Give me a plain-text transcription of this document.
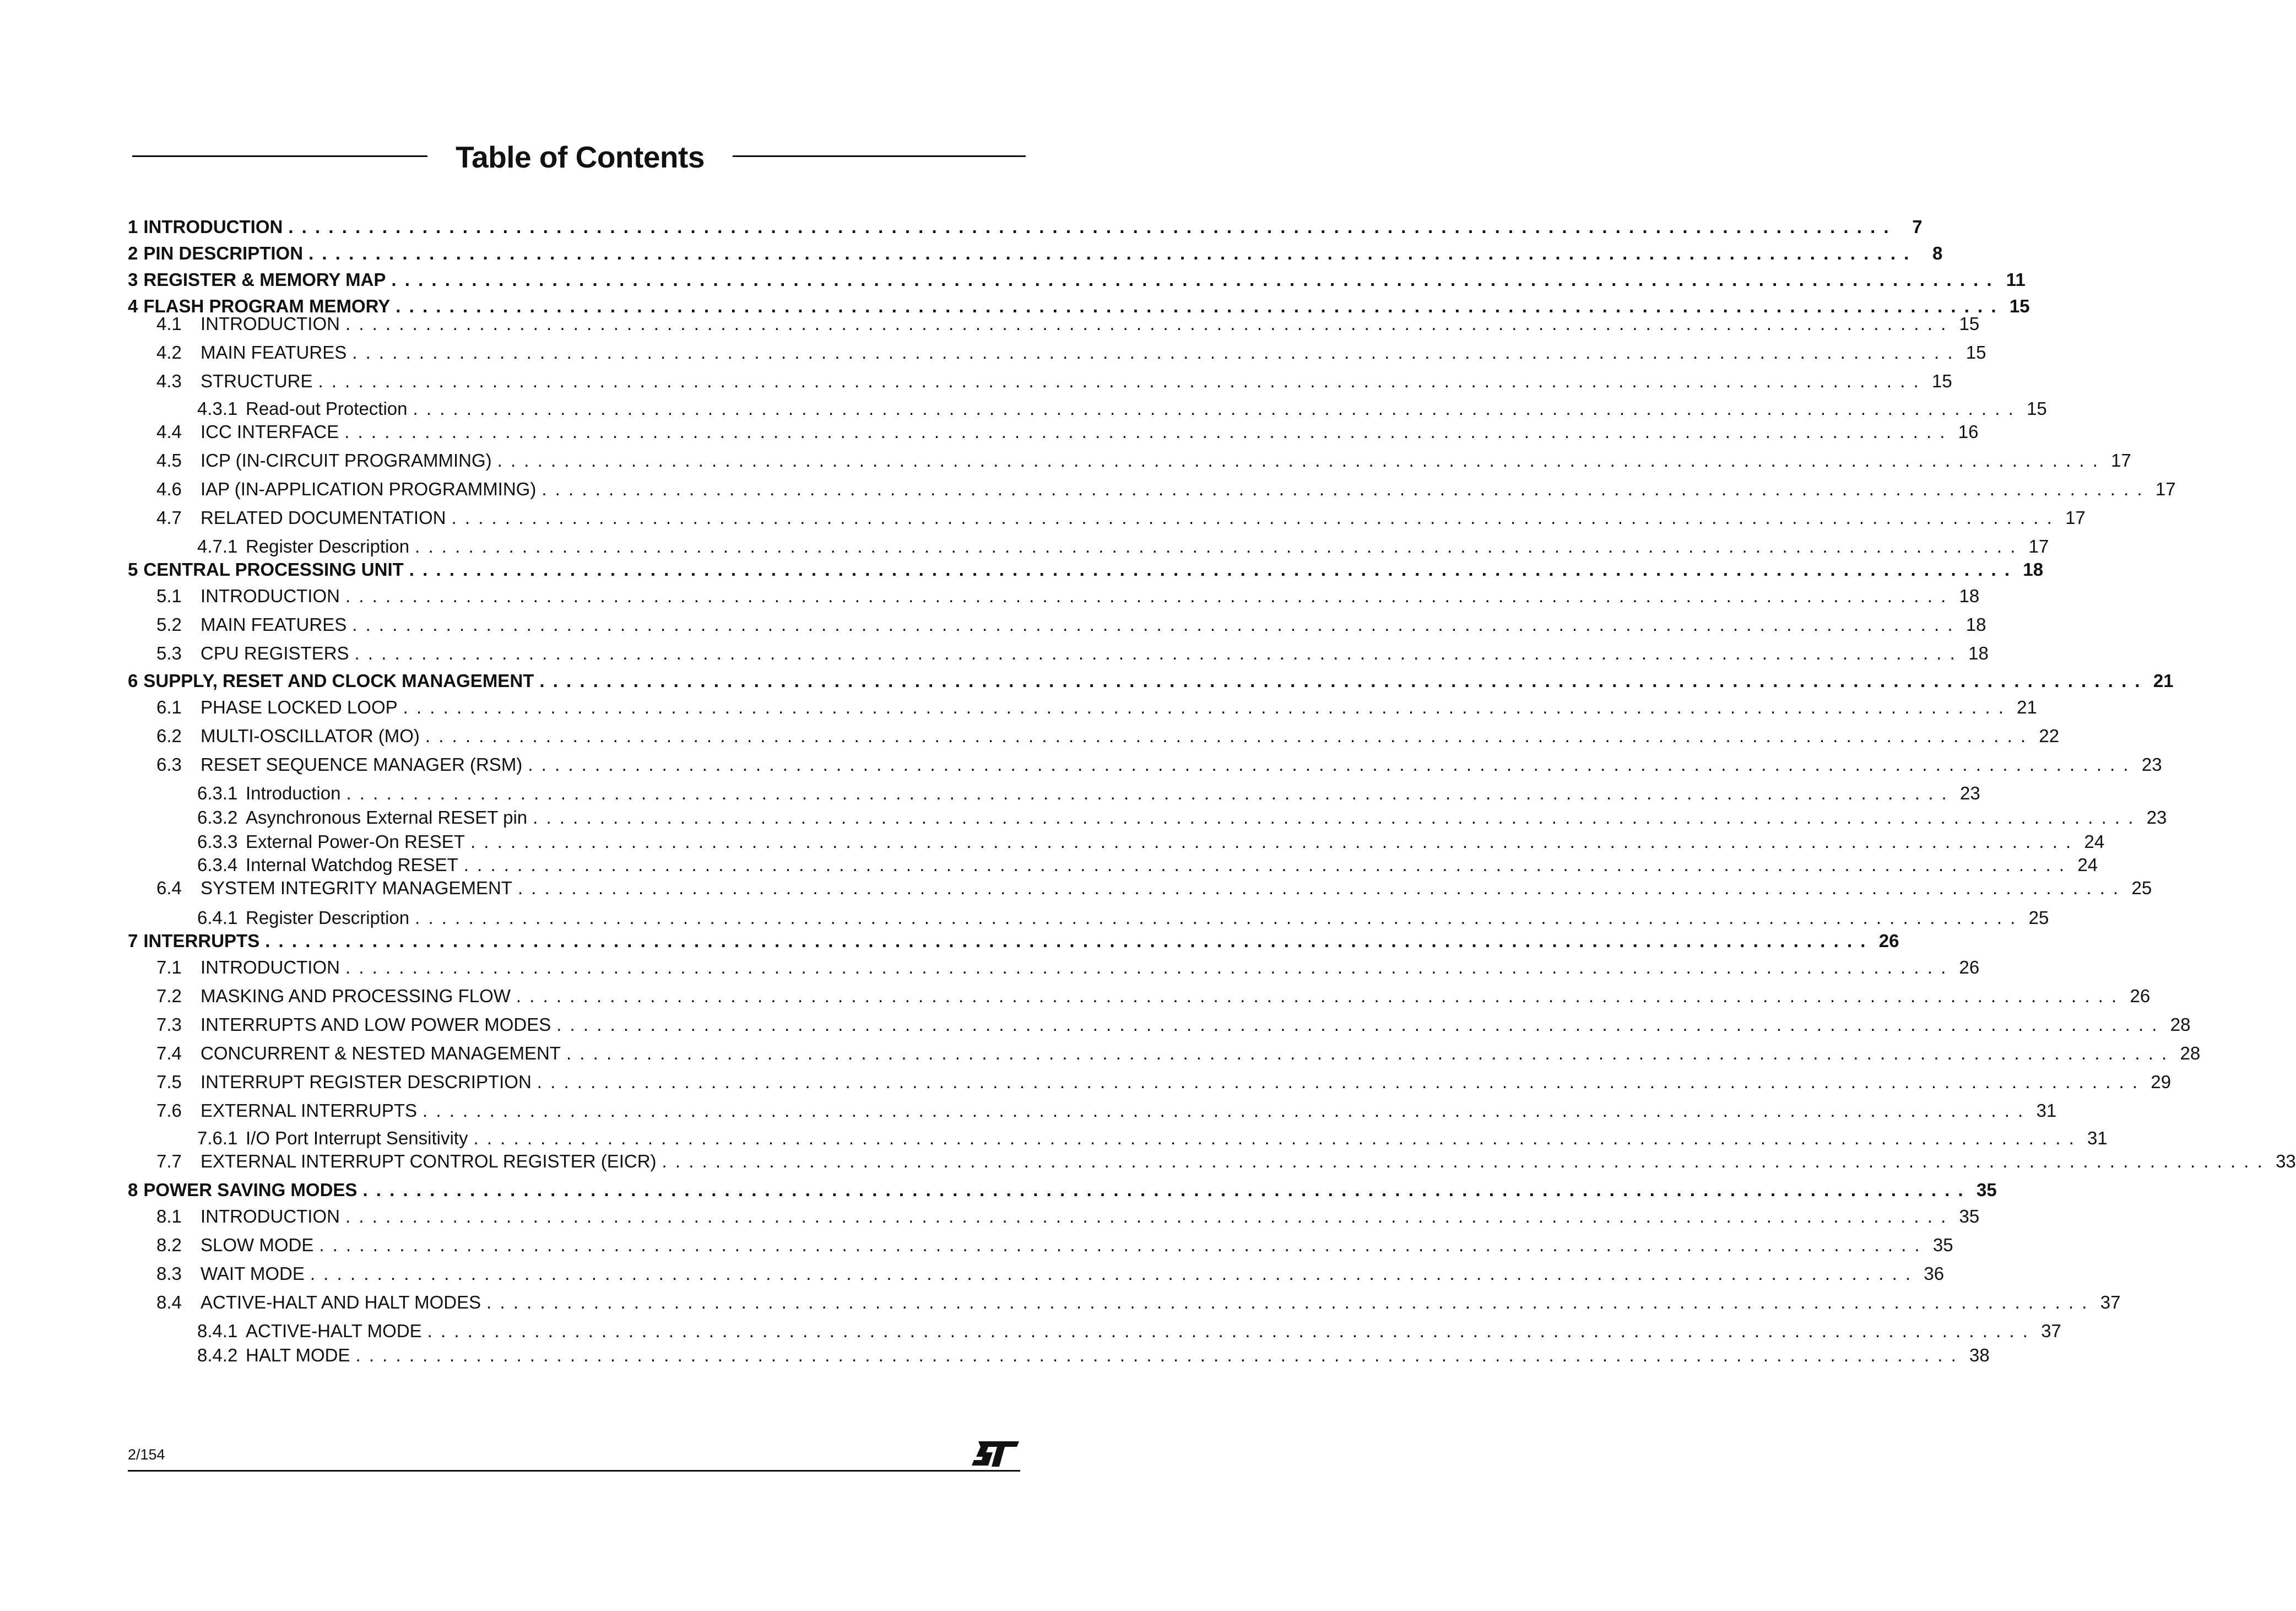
Table of Contents
1 INTRODUCTION . . . . . . . . . . . . . . . . . . . . . . . . . . . . . . . . . . . . . . . . . . . . . . . . . . . . . . . . . . . . . . . . . . . . . . . . . . . . . . . . . . . . . . . . . . . . . . . . . . . . . . . . . . . . . . . . . . . . . . . .	7
2 PIN DESCRIPTION . . . . . . . . . . . . . . . . . . . . . . . . . . . . . . . . . . . . . . . . . . . . . . . . . . . . . . . . . . . . . . . . . . . . . . . . . . . . . . . . . . . . . . . . . . . . . . . . . . . . . . . . . . . . . . . . . . . . . . . .	8
3 REGISTER & MEMORY MAP . . . . . . . . . . . . . . . . . . . . . . . . . . . . . . . . . . . . . . . . . . . . . . . . . . . . . . . . . . . . . . . . . . . . . . . . . . . . . . . . . . . . . . . . . . . . . . . . . . . . . . . . . . . . . . . . . . . . . . . . 11
4 FLASH PROGRAM MEMORY . . . . . . . . . . . . . . . . . . . . . . . . . . . . . . . . . . . . . . . . . . . . . . . . . . . . . . . . . . . . . . . . . . . . . . . . . . . . . . . . . . . . . . . . . . . . . . . . . . . . . . . . . . . . . . . . . . . . . . . . 15
4.1	INTRODUCTION . . . . . . . . . . . . . . . . . . . . . . . . . . . . . . . . . . . . . . . . . . . . . . . . . . . . . . . . . . . . . . . . . . . . . . . . . . . . . . . . . . . . . . . . . . . . . . . . . . . . . . . . . . . . . . . . . . . . . . . . 15
4.2	MAIN FEATURES . . . . . . . . . . . . . . . . . . . . . . . . . . . . . . . . . . . . . . . . . . . . . . . . . . . . . . . . . . . . . . . . . . . . . . . . . . . . . . . . . . . . . . . . . . . . . . . . . . . . . . . . . . . . . . . . . . . . . . . . 15
4.3	STRUCTURE . . . . . . . . . . . . . . . . . . . . . . . . . . . . . . . . . . . . . . . . . . . . . . . . . . . . . . . . . . . . . . . . . . . . . . . . . . . . . . . . . . . . . . . . . . . . . . . . . . . . . . . . . . . . . . . . . . . . . . . . 15
4.3.1 Read-out Protection . . . . . . . . . . . . . . . . . . . . . . . . . . . . . . . . . . . . . . . . . . . . . . . . . . . . . . . . . . . . . . . . . . . . . . . . . . . . . . . . . . . . . . . . . . . . . . . . . . . . . . . . . . . . . . . . . . . . . . . . 15
4.4	ICC INTERFACE . . . . . . . . . . . . . . . . . . . . . . . . . . . . . . . . . . . . . . . . . . . . . . . . . . . . . . . . . . . . . . . . . . . . . . . . . . . . . . . . . . . . . . . . . . . . . . . . . . . . . . . . . . . . . . . . . . . . . . . . 16
4.5	ICP (IN-CIRCUIT PROGRAMMING) . . . . . . . . . . . . . . . . . . . . . . . . . . . . . . . . . . . . . . . . . . . . . . . . . . . . . . . . . . . . . . . . . . . . . . . . . . . . . . . . . . . . . . . . . . . . . . . . . . . . . . . . . . . . . . . . . . . . . . . . 17
4.6	IAP (IN-APPLICATION PROGRAMMING) . . . . . . . . . . . . . . . . . . . . . . . . . . . . . . . . . . . . . . . . . . . . . . . . . . . . . . . . . . . . . . . . . . . . . . . . . . . . . . . . . . . . . . . . . . . . . . . . . . . . . . . . . . . . . . . . . . . . . . . . 17
4.7	RELATED DOCUMENTATION . . . . . . . . . . . . . . . . . . . . . . . . . . . . . . . . . . . . . . . . . . . . . . . . . . . . . . . . . . . . . . . . . . . . . . . . . . . . . . . . . . . . . . . . . . . . . . . . . . . . . . . . . . . . . . . . . . . . . . . . 17
4.7.1 Register Description . . . . . . . . . . . . . . . . . . . . . . . . . . . . . . . . . . . . . . . . . . . . . . . . . . . . . . . . . . . . . . . . . . . . . . . . . . . . . . . . . . . . . . . . . . . . . . . . . . . . . . . . . . . . . . . . . . . . . . . . 17
5 CENTRAL PROCESSING UNIT . . . . . . . . . . . . . . . . . . . . . . . . . . . . . . . . . . . . . . . . . . . . . . . . . . . . . . . . . . . . . . . . . . . . . . . . . . . . . . . . . . . . . . . . . . . . . . . . . . . . . . . . . . . . . . . . . . . . . . . . 18
5.1	INTRODUCTION . . . . . . . . . . . . . . . . . . . . . . . . . . . . . . . . . . . . . . . . . . . . . . . . . . . . . . . . . . . . . . . . . . . . . . . . . . . . . . . . . . . . . . . . . . . . . . . . . . . . . . . . . . . . . . . . . . . . . . . . 18
5.2	MAIN FEATURES . . . . . . . . . . . . . . . . . . . . . . . . . . . . . . . . . . . . . . . . . . . . . . . . . . . . . . . . . . . . . . . . . . . . . . . . . . . . . . . . . . . . . . . . . . . . . . . . . . . . . . . . . . . . . . . . . . . . . . . . 18
5.3	CPU REGISTERS . . . . . . . . . . . . . . . . . . . . . . . . . . . . . . . . . . . . . . . . . . . . . . . . . . . . . . . . . . . . . . . . . . . . . . . . . . . . . . . . . . . . . . . . . . . . . . . . . . . . . . . . . . . . . . . . . . . . . . . . 18
6 SUPPLY, RESET AND CLOCK MANAGEMENT . . . . . . . . . . . . . . . . . . . . . . . . . . . . . . . . . . . . . . . . . . . . . . . . . . . . . . . . . . . . . . . . . . . . . . . . . . . . . . . . . . . . . . . . . . . . . . . . . . . . . . . . . . . . . . . . . . . . . . . . 21
6.1	PHASE LOCKED LOOP . . . . . . . . . . . . . . . . . . . . . . . . . . . . . . . . . . . . . . . . . . . . . . . . . . . . . . . . . . . . . . . . . . . . . . . . . . . . . . . . . . . . . . . . . . . . . . . . . . . . . . . . . . . . . . . . . . . . . . . . 21
6.2	MULTI-OSCILLATOR (MO) . . . . . . . . . . . . . . . . . . . . . . . . . . . . . . . . . . . . . . . . . . . . . . . . . . . . . . . . . . . . . . . . . . . . . . . . . . . . . . . . . . . . . . . . . . . . . . . . . . . . . . . . . . . . . . . . . . . . . . . . 22
6.3	RESET SEQUENCE MANAGER (RSM) . . . . . . . . . . . . . . . . . . . . . . . . . . . . . . . . . . . . . . . . . . . . . . . . . . . . . . . . . . . . . . . . . . . . . . . . . . . . . . . . . . . . . . . . . . . . . . . . . . . . . . . . . . . . . . . . . . . . . . . . 23
6.3.1 Introduction . . . . . . . . . . . . . . . . . . . . . . . . . . . . . . . . . . . . . . . . . . . . . . . . . . . . . . . . . . . . . . . . . . . . . . . . . . . . . . . . . . . . . . . . . . . . . . . . . . . . . . . . . . . . . . . . . . . . . . . . 23
6.3.2 Asynchronous External RESET pin . . . . . . . . . . . . . . . . . . . . . . . . . . . . . . . . . . . . . . . . . . . . . . . . . . . . . . . . . . . . . . . . . . . . . . . . . . . . . . . . . . . . . . . . . . . . . . . . . . . . . . . . . . . . . . . . . . . . . . . . 23
6.3.3 External Power-On RESET . . . . . . . . . . . . . . . . . . . . . . . . . . . . . . . . . . . . . . . . . . . . . . . . . . . . . . . . . . . . . . . . . . . . . . . . . . . . . . . . . . . . . . . . . . . . . . . . . . . . . . . . . . . . . . . . . . . . . . . . 24
6.3.4 Internal Watchdog RESET . . . . . . . . . . . . . . . . . . . . . . . . . . . . . . . . . . . . . . . . . . . . . . . . . . . . . . . . . . . . . . . . . . . . . . . . . . . . . . . . . . . . . . . . . . . . . . . . . . . . . . . . . . . . . . . . . . . . . . . . 24
6.4	SYSTEM INTEGRITY MANAGEMENT . . . . . . . . . . . . . . . . . . . . . . . . . . . . . . . . . . . . . . . . . . . . . . . . . . . . . . . . . . . . . . . . . . . . . . . . . . . . . . . . . . . . . . . . . . . . . . . . . . . . . . . . . . . . . . . . . . . . . . . . 25
6.4.1 Register Description . . . . . . . . . . . . . . . . . . . . . . . . . . . . . . . . . . . . . . . . . . . . . . . . . . . . . . . . . . . . . . . . . . . . . . . . . . . . . . . . . . . . . . . . . . . . . . . . . . . . . . . . . . . . . . . . . . . . . . . . 25
7 INTERRUPTS . . . . . . . . . . . . . . . . . . . . . . . . . . . . . . . . . . . . . . . . . . . . . . . . . . . . . . . . . . . . . . . . . . . . . . . . . . . . . . . . . . . . . . . . . . . . . . . . . . . . . . . . . . . . . . . . . . . . . . . . 26
7.1	INTRODUCTION . . . . . . . . . . . . . . . . . . . . . . . . . . . . . . . . . . . . . . . . . . . . . . . . . . . . . . . . . . . . . . . . . . . . . . . . . . . . . . . . . . . . . . . . . . . . . . . . . . . . . . . . . . . . . . . . . . . . . . . . 26
7.2	MASKING AND PROCESSING FLOW . . . . . . . . . . . . . . . . . . . . . . . . . . . . . . . . . . . . . . . . . . . . . . . . . . . . . . . . . . . . . . . . . . . . . . . . . . . . . . . . . . . . . . . . . . . . . . . . . . . . . . . . . . . . . . . . . . . . . . . . 26
7.3	INTERRUPTS AND LOW POWER MODES . . . . . . . . . . . . . . . . . . . . . . . . . . . . . . . . . . . . . . . . . . . . . . . . . . . . . . . . . . . . . . . . . . . . . . . . . . . . . . . . . . . . . . . . . . . . . . . . . . . . . . . . . . . . . . . . . . . . . . . . 28
7.4	CONCURRENT & NESTED MANAGEMENT . . . . . . . . . . . . . . . . . . . . . . . . . . . . . . . . . . . . . . . . . . . . . . . . . . . . . . . . . . . . . . . . . . . . . . . . . . . . . . . . . . . . . . . . . . . . . . . . . . . . . . . . . . . . . . . . . . . . . . . . 28
7.5	INTERRUPT REGISTER DESCRIPTION . . . . . . . . . . . . . . . . . . . . . . . . . . . . . . . . . . . . . . . . . . . . . . . . . . . . . . . . . . . . . . . . . . . . . . . . . . . . . . . . . . . . . . . . . . . . . . . . . . . . . . . . . . . . . . . . . . . . . . . . 29
7.6	EXTERNAL INTERRUPTS . . . . . . . . . . . . . . . . . . . . . . . . . . . . . . . . . . . . . . . . . . . . . . . . . . . . . . . . . . . . . . . . . . . . . . . . . . . . . . . . . . . . . . . . . . . . . . . . . . . . . . . . . . . . . . . . . . . . . . . . 31
7.6.1 I/O Port Interrupt Sensitivity . . . . . . . . . . . . . . . . . . . . . . . . . . . . . . . . . . . . . . . . . . . . . . . . . . . . . . . . . . . . . . . . . . . . . . . . . . . . . . . . . . . . . . . . . . . . . . . . . . . . . . . . . . . . . . . . . . . . . . . . 31
7.7	EXTERNAL INTERRUPT CONTROL REGISTER (EICR) . . . . . . . . . . . . . . . . . . . . . . . . . . . . . . . . . . . . . . . . . . . . . . . . . . . . . . . . . . . . . . . . . . . . . . . . . . . . . . . . . . . . . . . . . . . . . . . . . . . . . . . . . . . . . . . . . . . . . . . . 33
8 POWER SAVING MODES . . . . . . . . . . . . . . . . . . . . . . . . . . . . . . . . . . . . . . . . . . . . . . . . . . . . . . . . . . . . . . . . . . . . . . . . . . . . . . . . . . . . . . . . . . . . . . . . . . . . . . . . . . . . . . . . . . . . . . . . 35
8.1	INTRODUCTION . . . . . . . . . . . . . . . . . . . . . . . . . . . . . . . . . . . . . . . . . . . . . . . . . . . . . . . . . . . . . . . . . . . . . . . . . . . . . . . . . . . . . . . . . . . . . . . . . . . . . . . . . . . . . . . . . . . . . . . . 35
8.2	SLOW MODE . . . . . . . . . . . . . . . . . . . . . . . . . . . . . . . . . . . . . . . . . . . . . . . . . . . . . . . . . . . . . . . . . . . . . . . . . . . . . . . . . . . . . . . . . . . . . . . . . . . . . . . . . . . . . . . . . . . . . . . . 35
8.3	WAIT MODE . . . . . . . . . . . . . . . . . . . . . . . . . . . . . . . . . . . . . . . . . . . . . . . . . . . . . . . . . . . . . . . . . . . . . . . . . . . . . . . . . . . . . . . . . . . . . . . . . . . . . . . . . . . . . . . . . . . . . . . . 36
8.4	ACTIVE-HALT AND HALT MODES . . . . . . . . . . . . . . . . . . . . . . . . . . . . . . . . . . . . . . . . . . . . . . . . . . . . . . . . . . . . . . . . . . . . . . . . . . . . . . . . . . . . . . . . . . . . . . . . . . . . . . . . . . . . . . . . . . . . . . . . 37
8.4.1 ACTIVE-HALT MODE . . . . . . . . . . . . . . . . . . . . . . . . . . . . . . . . . . . . . . . . . . . . . . . . . . . . . . . . . . . . . . . . . . . . . . . . . . . . . . . . . . . . . . . . . . . . . . . . . . . . . . . . . . . . . . . . . . . . . . . . 37
8.4.2 HALT MODE . . . . . . . . . . . . . . . . . . . . . . . . . . . . . . . . . . . . . . . . . . . . . . . . . . . . . . . . . . . . . . . . . . . . . . . . . . . . . . . . . . . . . . . . . . . . . . . . . . . . . . . . . . . . . . . . . . . . . . . . 38
2/154
